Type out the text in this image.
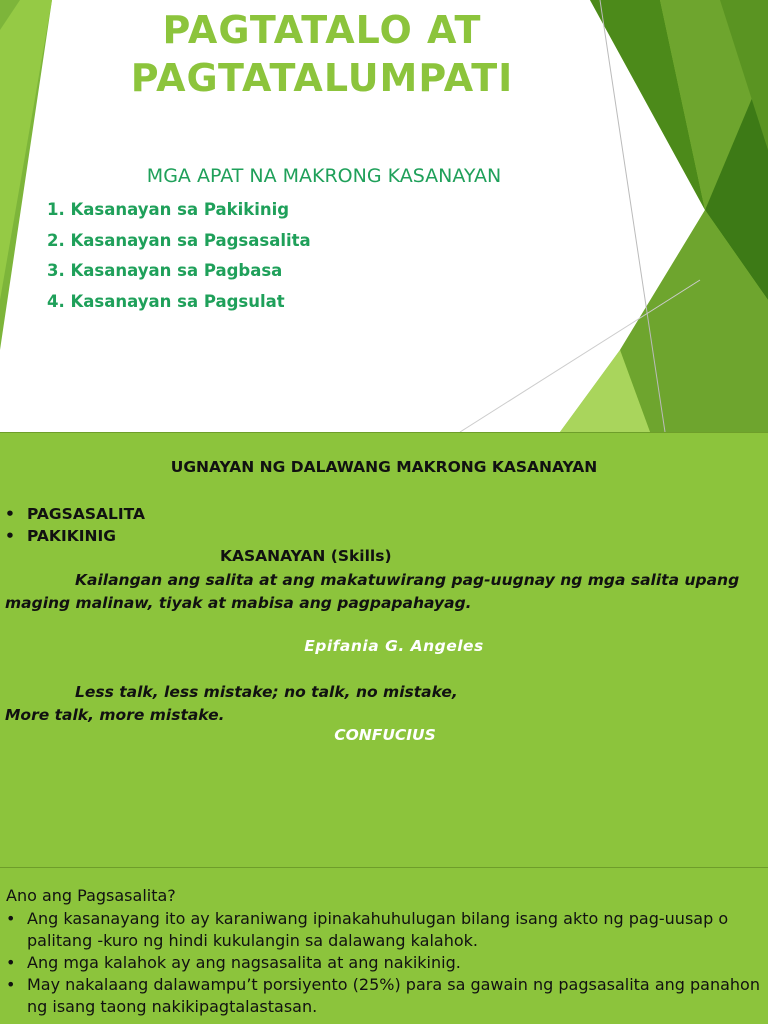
PAGTATALO AT
PAGTATALUMPATI
MGA APAT NA MAKRONG KASANAYAN
1. Kasanayan sa Pakikinig
2. Kasanayan sa Pagsasalita
3. Kasanayan sa Pagbasa
4. Kasanayan sa Pagsulat
UGNAYAN NG DALAWANG MAKRONG KASANAYAN
• PAGSASALITA
• PAKIKINIG
KASANAYAN (Skills)

Kailangan ang salita at ang makatuwirang pag-uugnay ng mga salita upang maging malinaw, tiyak at mabisa ang pagpapahayag.

Epifania G. Angeles

Less talk, less mistake; no talk, no mistake,
More talk, more mistake.

CONFUCIUS
Ano ang Pagsasalita?
• Ang kasanayang ito ay karaniwang ipinakahuhulugan bilang isang akto ng pag-uusap o palitang -kuro ng hindi kukulangin sa dalawang kalahok.
• Ang mga kalahok ay ang nagsasalita at ang nakikinig.
• May nakalaang dalawampu’t porsiyento (25%) para sa gawain ng pagsasalita ang panahon ng isang taong nakikipagtalastasan.
